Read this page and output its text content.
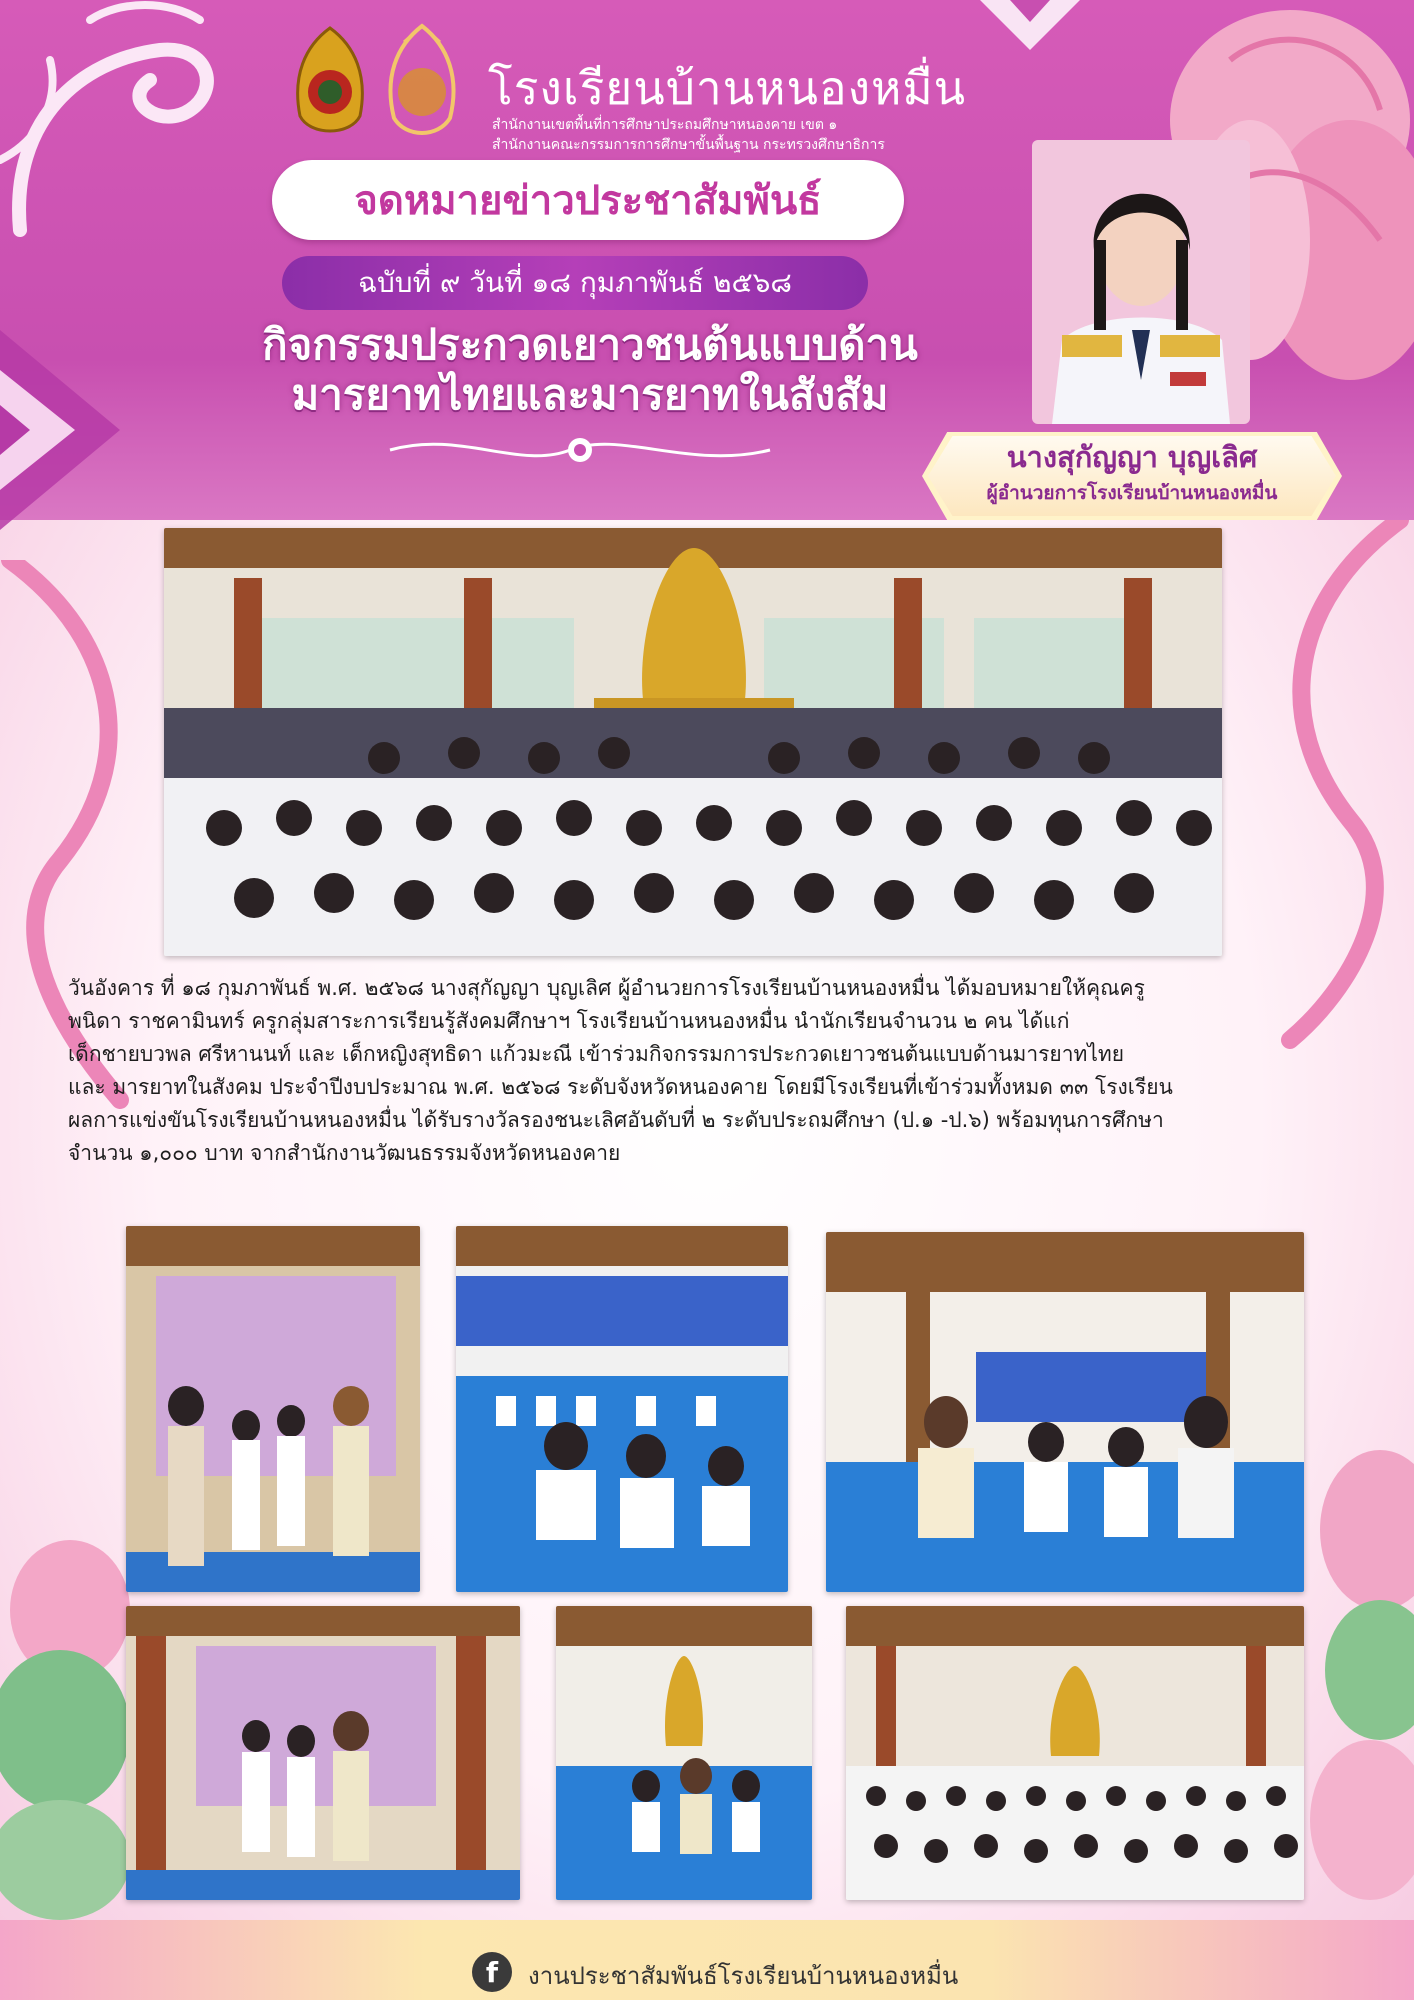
โรงเรียนบ้านหนองหมื่น
สำนักงานเขตพื้นที่การศึกษาประถมศึกษาหนองคาย เขต ๑
สำนักงานคณะกรรมการการศึกษาขั้นพื้นฐาน กระทรวงศึกษาธิการ
จดหมายข่าวประชาสัมพันธ์
ฉบับที่ ๙ วันที่ ๑๘ กุมภาพันธ์ ๒๕๖๘
กิจกรรมประกวดเยาวชนต้นแบบด้าน
มารยาทไทยและมารยาทในสังสัม
นางสุกัญญา บุญเลิศ
ผู้อำนวยการโรงเรียนบ้านหนองหมื่น

วันอังคาร ที่ ๑๘ กุมภาพันธ์ พ.ศ. ๒๕๖๘ นางสุกัญญา บุญเลิศ ผู้อำนวยการโรงเรียนบ้านหนองหมื่น ได้มอบหมายให้คุณครู

พนิดา ราชคามินทร์ ครูกลุ่มสาระการเรียนรู้สังคมศึกษาฯ โรงเรียนบ้านหนองหมื่น นำนักเรียนจำนวน ๒ คน ได้แก่

เด็กชายบวพล ศรีหานนท์ และ เด็กหญิงสุทธิดา แก้วมะณี เข้าร่วมกิจกรรมการประกวดเยาวชนต้นแบบด้านมารยาทไทย

และ มารยาทในสังคม ประจำปีงบประมาณ พ.ศ. ๒๕๖๘ ระดับจังหวัดหนองคาย โดยมีโรงเรียนที่เข้าร่วมทั้งหมด ๓๓ โรงเรียน

ผลการแข่งขันโรงเรียนบ้านหนองหมื่น ได้รับรางวัลรองชนะเลิศอันดับที่ ๒ ระดับประถมศึกษา (ป.๑ -ป.๖) พร้อมทุนการศึกษา

จำนวน ๑,๐๐๐ บาท จากสำนักงานวัฒนธรรมจังหวัดหนองคาย

f	งานประชาสัมพันธ์โรงเรียนบ้านหนองหมื่น
